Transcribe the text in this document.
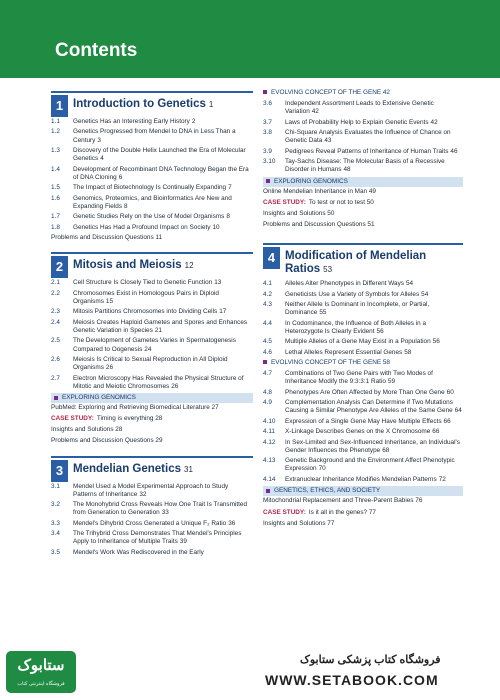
Contents
1 Introduction to Genetics 1
1.1	Genetics Has an Interesting Early History 2
1.2	Genetics Progressed from Mendel to DNA in Less Than a Century 3
1.3	Discovery of the Double Helix Launched the Era of Molecular Genetics 4
1.4	Development of Recombinant DNA Technology Began the Era of DNA Cloning 6
1.5	The Impact of Biotechnology Is Continually Expanding 7
1.6	Genomics, Proteomics, and Bioinformatics Are New and Expanding Fields 8
1.7	Genetic Studies Rely on the Use of Model Organisms 8
1.8	Genetics Has Had a Profound Impact on Society 10
Problems and Discussion Questions 11
2 Mitosis and Meiosis 12
2.1	Cell Structure Is Closely Tied to Genetic Function 13
2.2	Chromosomes Exist in Homologous Pairs in Diploid Organisms 15
2.3	Mitosis Partitions Chromosomes into Dividing Cells 17
2.4	Meiosis Creates Haploid Gametes and Spores and Enhances Genetic Variation in Species 21
2.5	The Development of Gametes Varies in Spermatogenesis Compared to Oogenesis 24
2.6	Meiosis Is Critical to Sexual Reproduction in All Diploid Organisms 26
2.7	Electron Microscopy Has Revealed the Physical Structure of Mitotic and Meiotic Chromosomes 26
EXPLORING GENOMICS
PubMed: Exploring and Retrieving Biomedical Literature 27
CASE STUDY: Timing is everything 28
Insights and Solutions 28
Problems and Discussion Questions 29
3 Mendelian Genetics 31
3.1	Mendel Used a Model Experimental Approach to Study Patterns of Inheritance 32
3.2	The Monohybrid Cross Reveals How One Trait Is Transmitted from Generation to Generation 33
3.3	Mendel's Dihybrid Cross Generated a Unique F₂ Ratio 36
3.4	The Trihybrid Cross Demonstrates That Mendel's Principles Apply to Inheritance of Multiple Traits 39
3.5	Mendel's Work Was Rediscovered in the Early
EVOLVING CONCEPT OF THE GENE 42
3.6	Independent Assortment Leads to Extensive Genetic Variation 42
3.7	Laws of Probability Help to Explain Genetic Events 42
3.8	Chi-Square Analysis Evaluates the Influence of Chance on Genetic Data 43
3.9	Pedigrees Reveal Patterns of Inheritance of Human Traits 46
3.10	Tay-Sachs Disease: The Molecular Basis of a Recessive Disorder in Humans 48
EXPLORING GENOMICS
Online Mendelian Inheritance in Man 49
CASE STUDY: To test or not to test 50
Insights and Solutions 50
Problems and Discussion Questions 51
4 Modification of Mendelian Ratios 53
4.1	Alleles Alter Phenotypes in Different Ways 54
4.2	Geneticists Use a Variety of Symbols for Alleles 54
4.3	Neither Allele Is Dominant in Incomplete, or Partial, Dominance 55
4.4	In Codominance, the Influence of Both Alleles in a Heterozygote Is Clearly Evident 56
4.5	Multiple Alleles of a Gene May Exist in a Population 56
4.6	Lethal Alleles Represent Essential Genes 58
EVOLVING CONCEPT OF THE GENE 58
4.7	Combinations of Two Gene Pairs with Two Modes of Inheritance Modify the 9:3:3:1 Ratio 59
4.8	Phenotypes Are Often Affected by More Than One Gene 60
4.9	Complementation Analysis Can Determine if Two Mutations Causing a Similar Phenotype Are Alleles of the Same Gene 64
4.10	Expression of a Single Gene May Have Multiple Effects 66
4.11	X-Linkage Describes Genes on the X Chromosome 66
4.12	In Sex-Limited and Sex-Influenced Inheritance, an Individual's Gender Influences the Phenotype 68
4.13	Genetic Background and the Environment Affect Phenotypic Expression 70
4.14	Extranuclear Inheritance Modifies Mendelian Patterns 72
GENETICS, ETHICS, AND SOCIETY
Mitochondrial Replacement and Three-Parent Babies 76
CASE STUDY: Is it all in the genes? 77
Insights and Solutions 77
ستابوک
فروشگاه اینترنتی کتاب
فروشگاه کتاب پزشکی ستابوک
WWW.SETABOOK.COM
